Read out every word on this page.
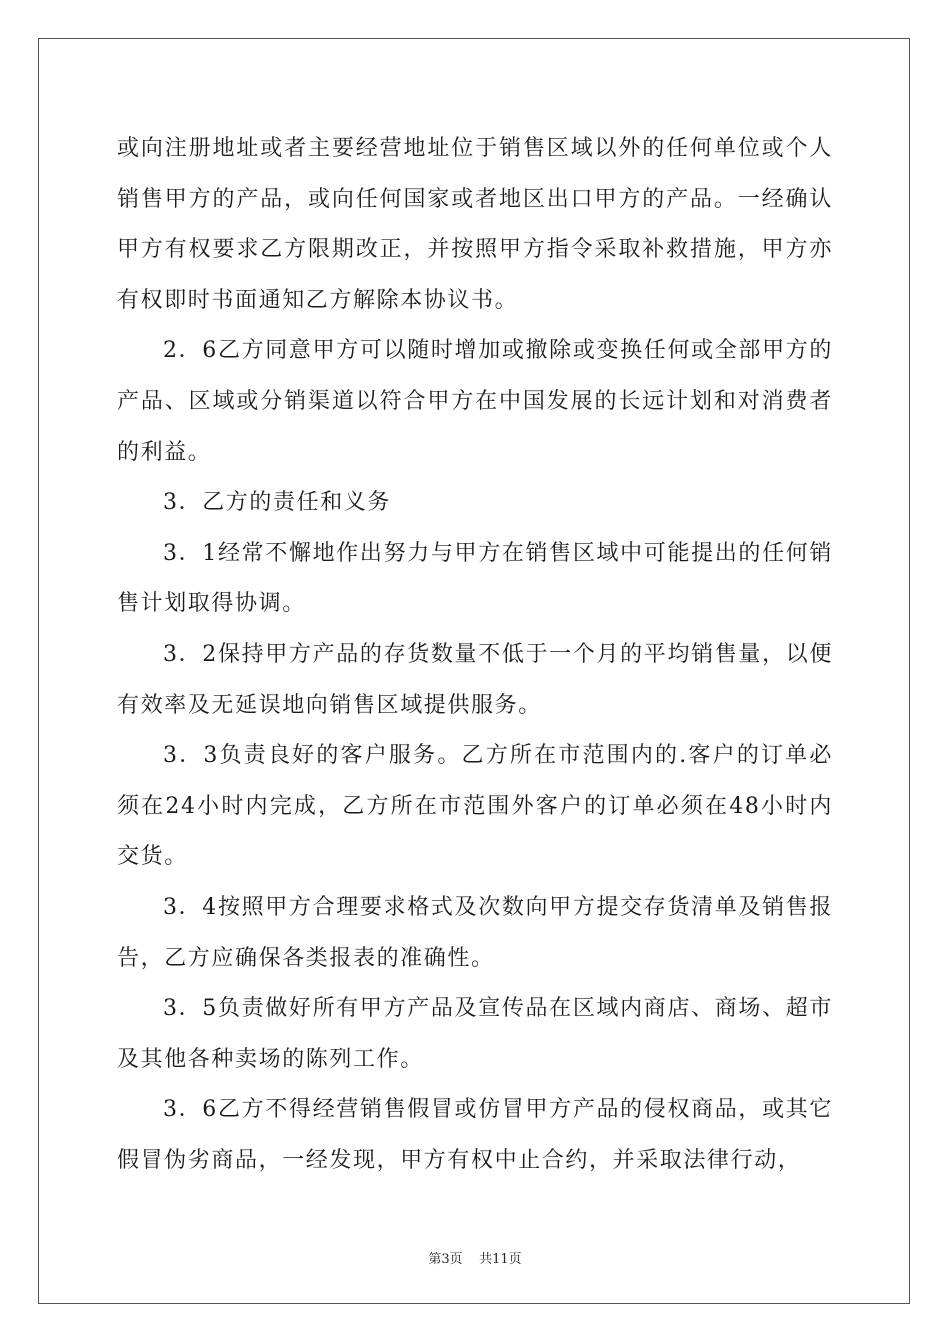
或向注册地址或者主要经营地址位于销售区域以外的任何单位或个人销售甲方的产品，或向任何国家或者地区出口甲方的产品。一经确认甲方有权要求乙方限期改正，并按照甲方指令采取补救措施，甲方亦有权即时书面通知乙方解除本协议书。

2．6乙方同意甲方可以随时增加或撤除或变换任何或全部甲方的产品、区域或分销渠道以符合甲方在中国发展的长远计划和对消费者的利益。

3．乙方的责任和义务

3．1经常不懈地作出努力与甲方在销售区域中可能提出的任何销售计划取得协调。

3．2保持甲方产品的存货数量不低于一个月的平均销售量，以便有效率及无延误地向销售区域提供服务。

3．3负责良好的客户服务。乙方所在市范围内的.客户的订单必须在24小时内完成，乙方所在市范围外客户的订单必须在48小时内交货。

3．4按照甲方合理要求格式及次数向甲方提交存货清单及销售报告，乙方应确保各类报表的准确性。

3．5负责做好所有甲方产品及宣传品在区域内商店、商场、超市及其他各种卖场的陈列工作。

3．6乙方不得经营销售假冒或仿冒甲方产品的侵权商品，或其它假冒伪劣商品，一经发现，甲方有权中止合约，并采取法律行动，

第3页 共11页
